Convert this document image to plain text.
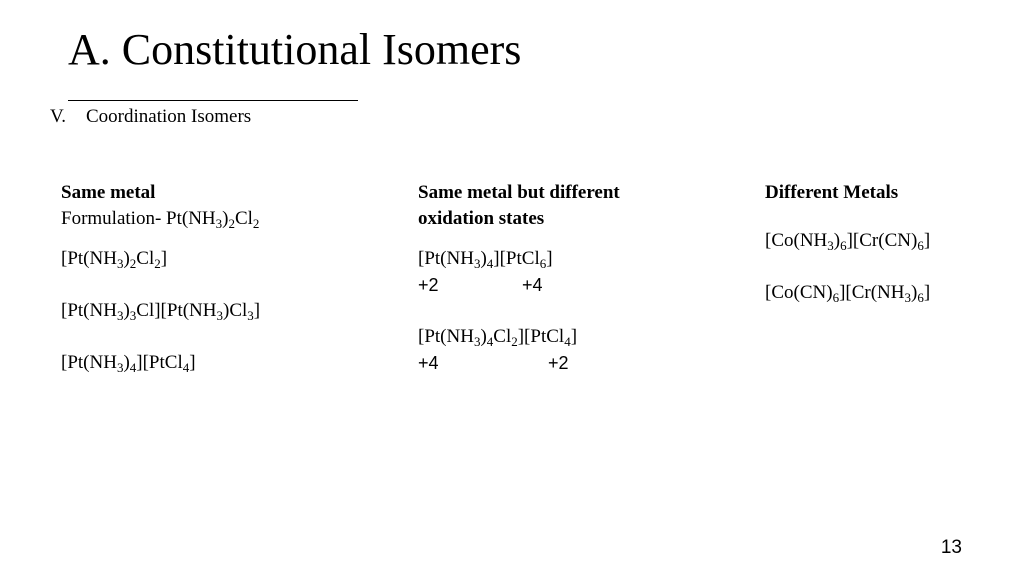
A. Constitutional Isomers
V. Coordination Isomers
Same metal
Formulation- $Pt(NH_3)_2Cl_2$
$[Pt(NH_3)_2Cl_2]$
$[Pt(NH_3)_3Cl][Pt(NH_3)Cl_3]$
$[Pt(NH_3)_4][PtCl_4]$
Same metal but different
oxidation states
$[Pt(NH_3)_4][PtCl_6]$
+2	+4
$[Pt(NH_3)_4Cl_2][PtCl_4]$
+4	+2
Different Metals
$[Co(NH_3)_6][Cr(CN)_6]$
$[Co(CN)_6][Cr(NH_3)_6]$
13
